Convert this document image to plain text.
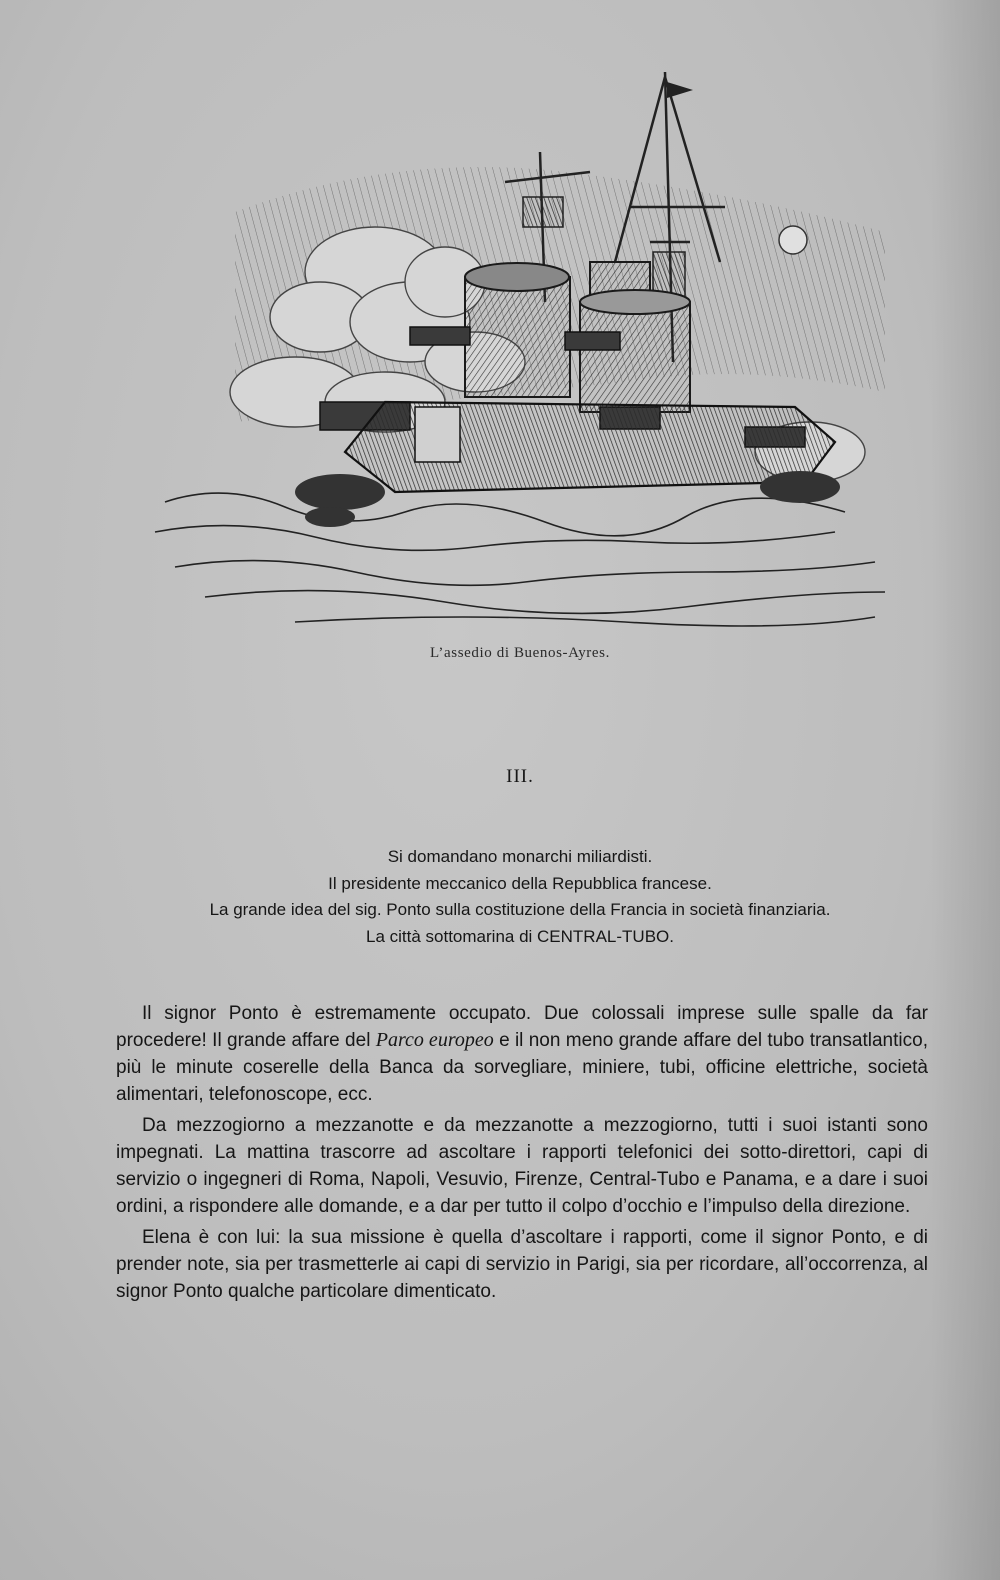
L’assedio di Buenos-Ayres.
III.
Si domandano monarchi miliardisti.
Il presidente meccanico della Repubblica francese.
La grande idea del sig. Ponto sulla costituzione della Francia in società finanziaria.
La città sottomarina di CENTRAL-TUBO.

Il signor Ponto è estremamente occupato. Due colossali imprese sulle spalle da far procedere! Il grande affare del Parco europeo e il non meno grande affare del tubo transatlantico, più le minute coserelle della Banca da sorvegliare, miniere, tubi, officine elettriche, società alimentari, telefonoscope, ecc.

Da mezzogiorno a mezzanotte e da mezzanotte a mezzogiorno, tutti i suoi istanti sono impegnati. La mattina trascorre ad ascoltare i rapporti telefonici dei sotto-direttori, capi di servizio o ingegneri di Roma, Napoli, Vesuvio, Firenze, Central-Tubo e Panama, e a dare i suoi ordini, a rispondere alle domande, e a dar per tutto il colpo d’occhio e l’impulso della direzione.

Elena è con lui: la sua missione è quella d’ascoltare i rapporti, come il signor Ponto, e di prender note, sia per trasmetterle ai capi di servizio in Parigi, sia per ricordare, all’occorrenza, al signor Ponto qualche particolare dimenticato.
